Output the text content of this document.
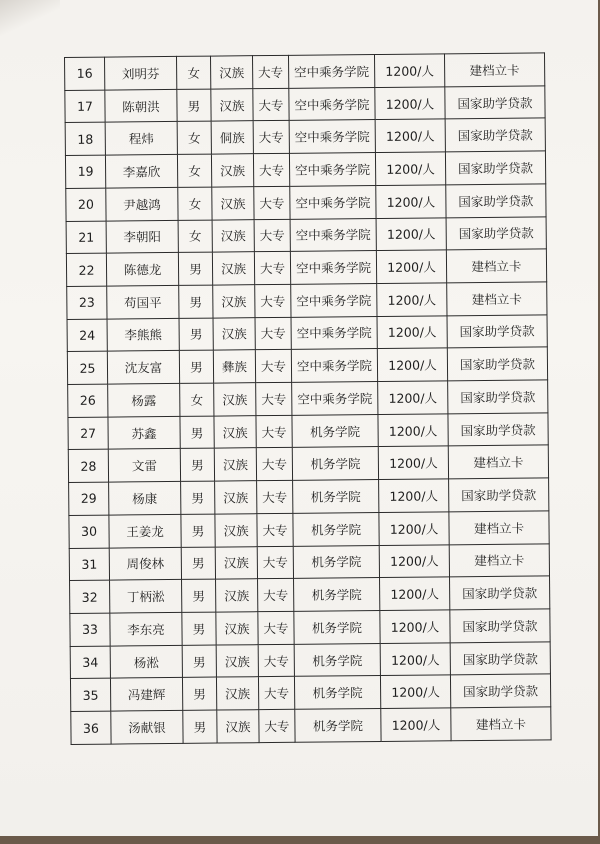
16	刘明芬	女	汉族	大专	空中乘务学院	1200/人	建档立卡
17	陈朝洪	男	汉族	大专	空中乘务学院	1200/人	国家助学贷款
18	程炜	女	侗族	大专	空中乘务学院	1200/人	国家助学贷款
19	李嘉欣	女	汉族	大专	空中乘务学院	1200/人	国家助学贷款
20	尹越鸿	女	汉族	大专	空中乘务学院	1200/人	国家助学贷款
21	李朝阳	女	汉族	大专	空中乘务学院	1200/人	国家助学贷款
22	陈德龙	男	汉族	大专	空中乘务学院	1200/人	建档立卡
23	苟国平	男	汉族	大专	空中乘务学院	1200/人	建档立卡
24	李熊熊	男	汉族	大专	空中乘务学院	1200/人	国家助学贷款
25	沈友富	男	彝族	大专	空中乘务学院	1200/人	国家助学贷款
26	杨露	女	汉族	大专	空中乘务学院	1200/人	国家助学贷款
27	苏鑫	男	汉族	大专	机务学院	1200/人	国家助学贷款
28	文雷	男	汉族	大专	机务学院	1200/人	建档立卡
29	杨康	男	汉族	大专	机务学院	1200/人	国家助学贷款
30	王姜龙	男	汉族	大专	机务学院	1200/人	建档立卡
31	周俊林	男	汉族	大专	机务学院	1200/人	建档立卡
32	丁柄淞	男	汉族	大专	机务学院	1200/人	国家助学贷款
33	李东亮	男	汉族	大专	机务学院	1200/人	国家助学贷款
34	杨淞	男	汉族	大专	机务学院	1200/人	国家助学贷款
35	冯建辉	男	汉族	大专	机务学院	1200/人	国家助学贷款
36	汤献银	男	汉族	大专	机务学院	1200/人	建档立卡
